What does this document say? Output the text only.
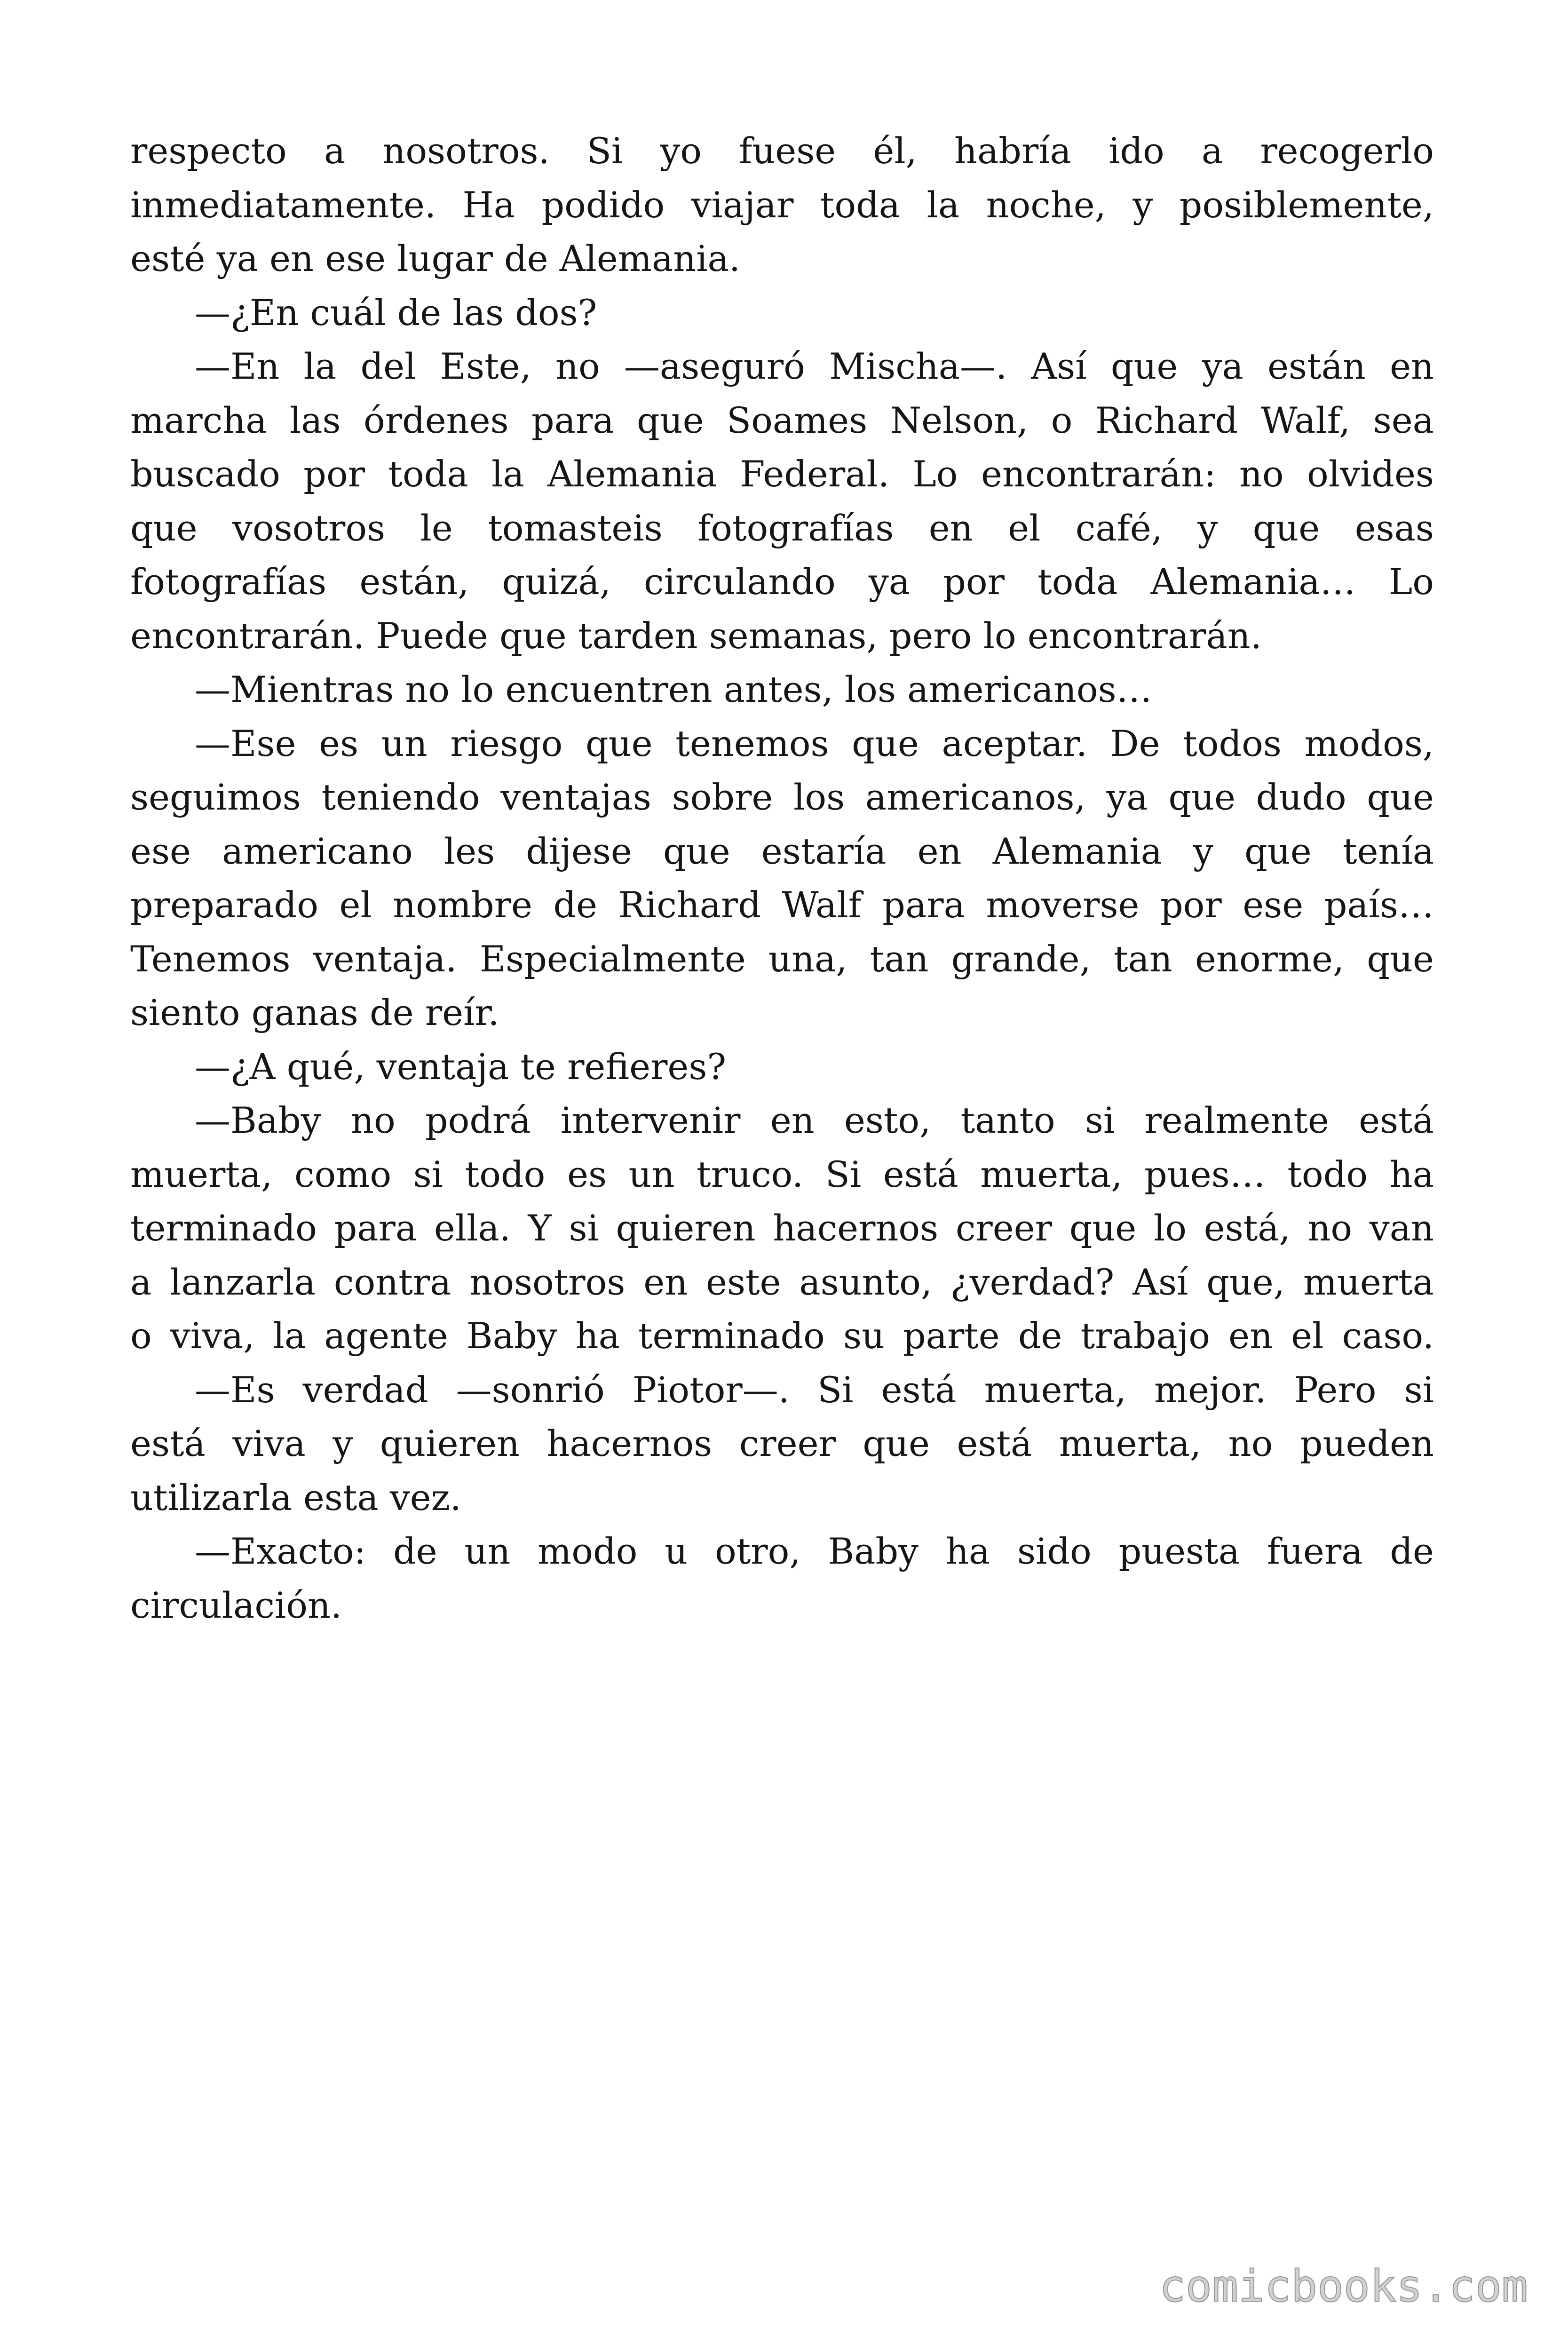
respecto a nosotros. Si yo fuese él, habría ido a recogerlo
inmediatamente. Ha podido viajar toda la noche, y posiblemente,
esté ya en ese lugar de Alemania.
—¿En cuál de las dos?
—En la del Este, no —aseguró Mischa—. Así que ya están en
marcha las órdenes para que Soames Nelson, o Richard Walf, sea
buscado por toda la Alemania Federal. Lo encontrarán: no olvides
que vosotros le tomasteis fotografías en el café, y que esas
fotografías están, quizá, circulando ya por toda Alemania… Lo
encontrarán. Puede que tarden semanas, pero lo encontrarán.
—Mientras no lo encuentren antes, los americanos…
—Ese es un riesgo que tenemos que aceptar. De todos modos,
seguimos teniendo ventajas sobre los americanos, ya que dudo que
ese americano les dijese que estaría en Alemania y que tenía
preparado el nombre de Richard Walf para moverse por ese país…
Tenemos ventaja. Especialmente una, tan grande, tan enorme, que
siento ganas de reír.
—¿A qué, ventaja te refieres?
—Baby no podrá intervenir en esto, tanto si realmente está
muerta, como si todo es un truco. Si está muerta, pues… todo ha
terminado para ella. Y si quieren hacernos creer que lo está, no van
a lanzarla contra nosotros en este asunto, ¿verdad? Así que, muerta
o viva, la agente Baby ha terminado su parte de trabajo en el caso.
—Es verdad —sonrió Piotor—. Si está muerta, mejor. Pero si
está viva y quieren hacernos creer que está muerta, no pueden
utilizarla esta vez.
—Exacto: de un modo u otro, Baby ha sido puesta fuera de
circulación.
comicbooks.com
